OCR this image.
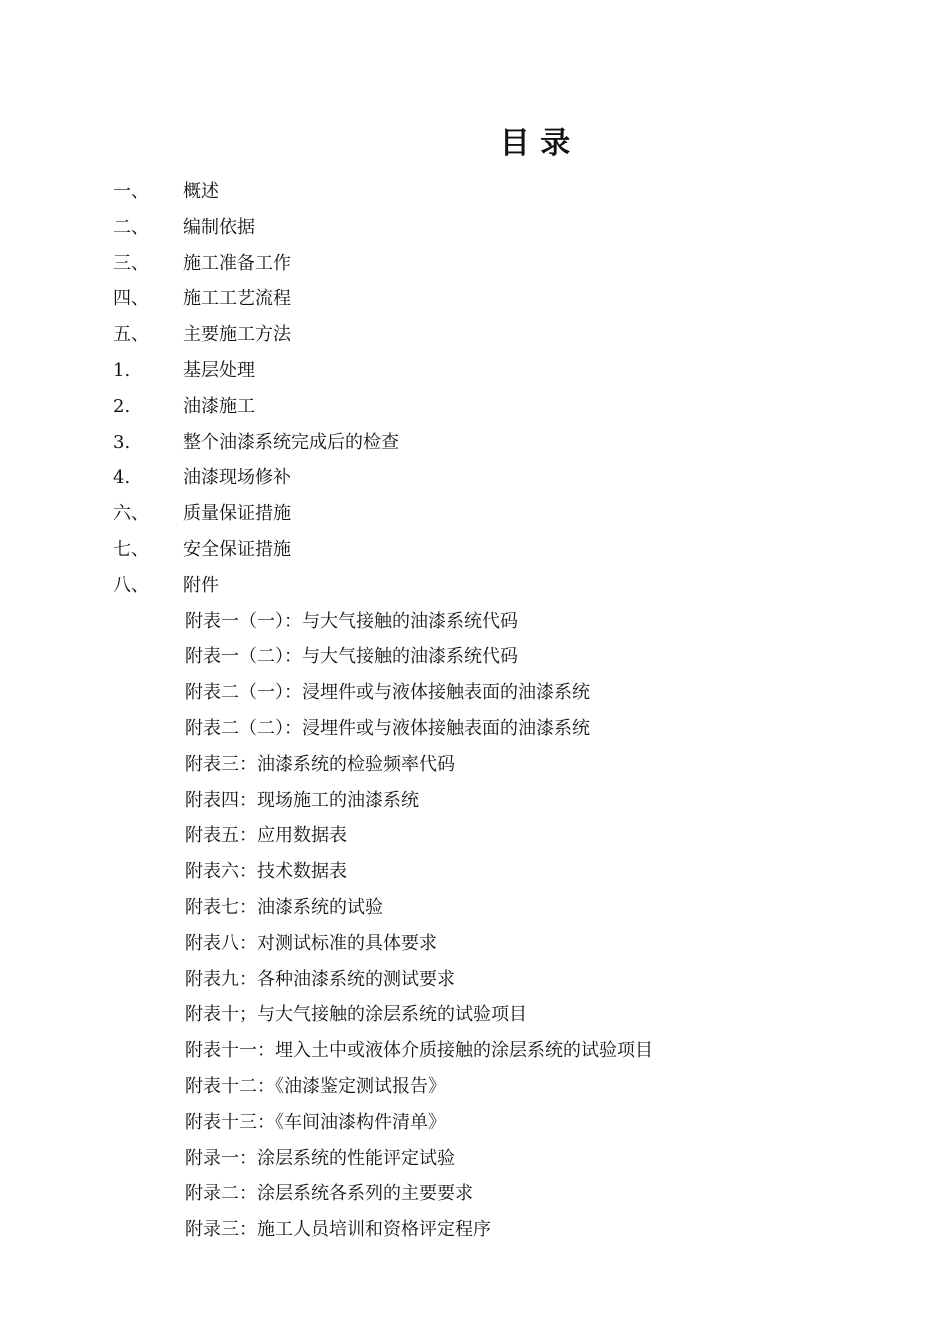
目 录
一、	概述
二、	编制依据
三、	施工准备工作
四、	施工工艺流程
五、	主要施工方法
1.	基层处理
2.	油漆施工
3.	整个油漆系统完成后的检查
4.	油漆现场修补
六、	质量保证措施
七、	安全保证措施
八、	附件
附表一（一）：与大气接触的油漆系统代码
附表一（二）：与大气接触的油漆系统代码
附表二（一）：浸埋件或与液体接触表面的油漆系统
附表二（二）：浸埋件或与液体接触表面的油漆系统
附表三：油漆系统的检验频率代码
附表四：现场施工的油漆系统
附表五：应用数据表
附表六：技术数据表
附表七：油漆系统的试验
附表八：对测试标准的具体要求
附表九：各种油漆系统的测试要求
附表十；与大气接触的涂层系统的试验项目
附表十一：埋入土中或液体介质接触的涂层系统的试验项目
附表十二：《油漆鉴定测试报告》
附表十三：《车间油漆构件清单》
附录一：涂层系统的性能评定试验
附录二：涂层系统各系列的主要要求
附录三：施工人员培训和资格评定程序
